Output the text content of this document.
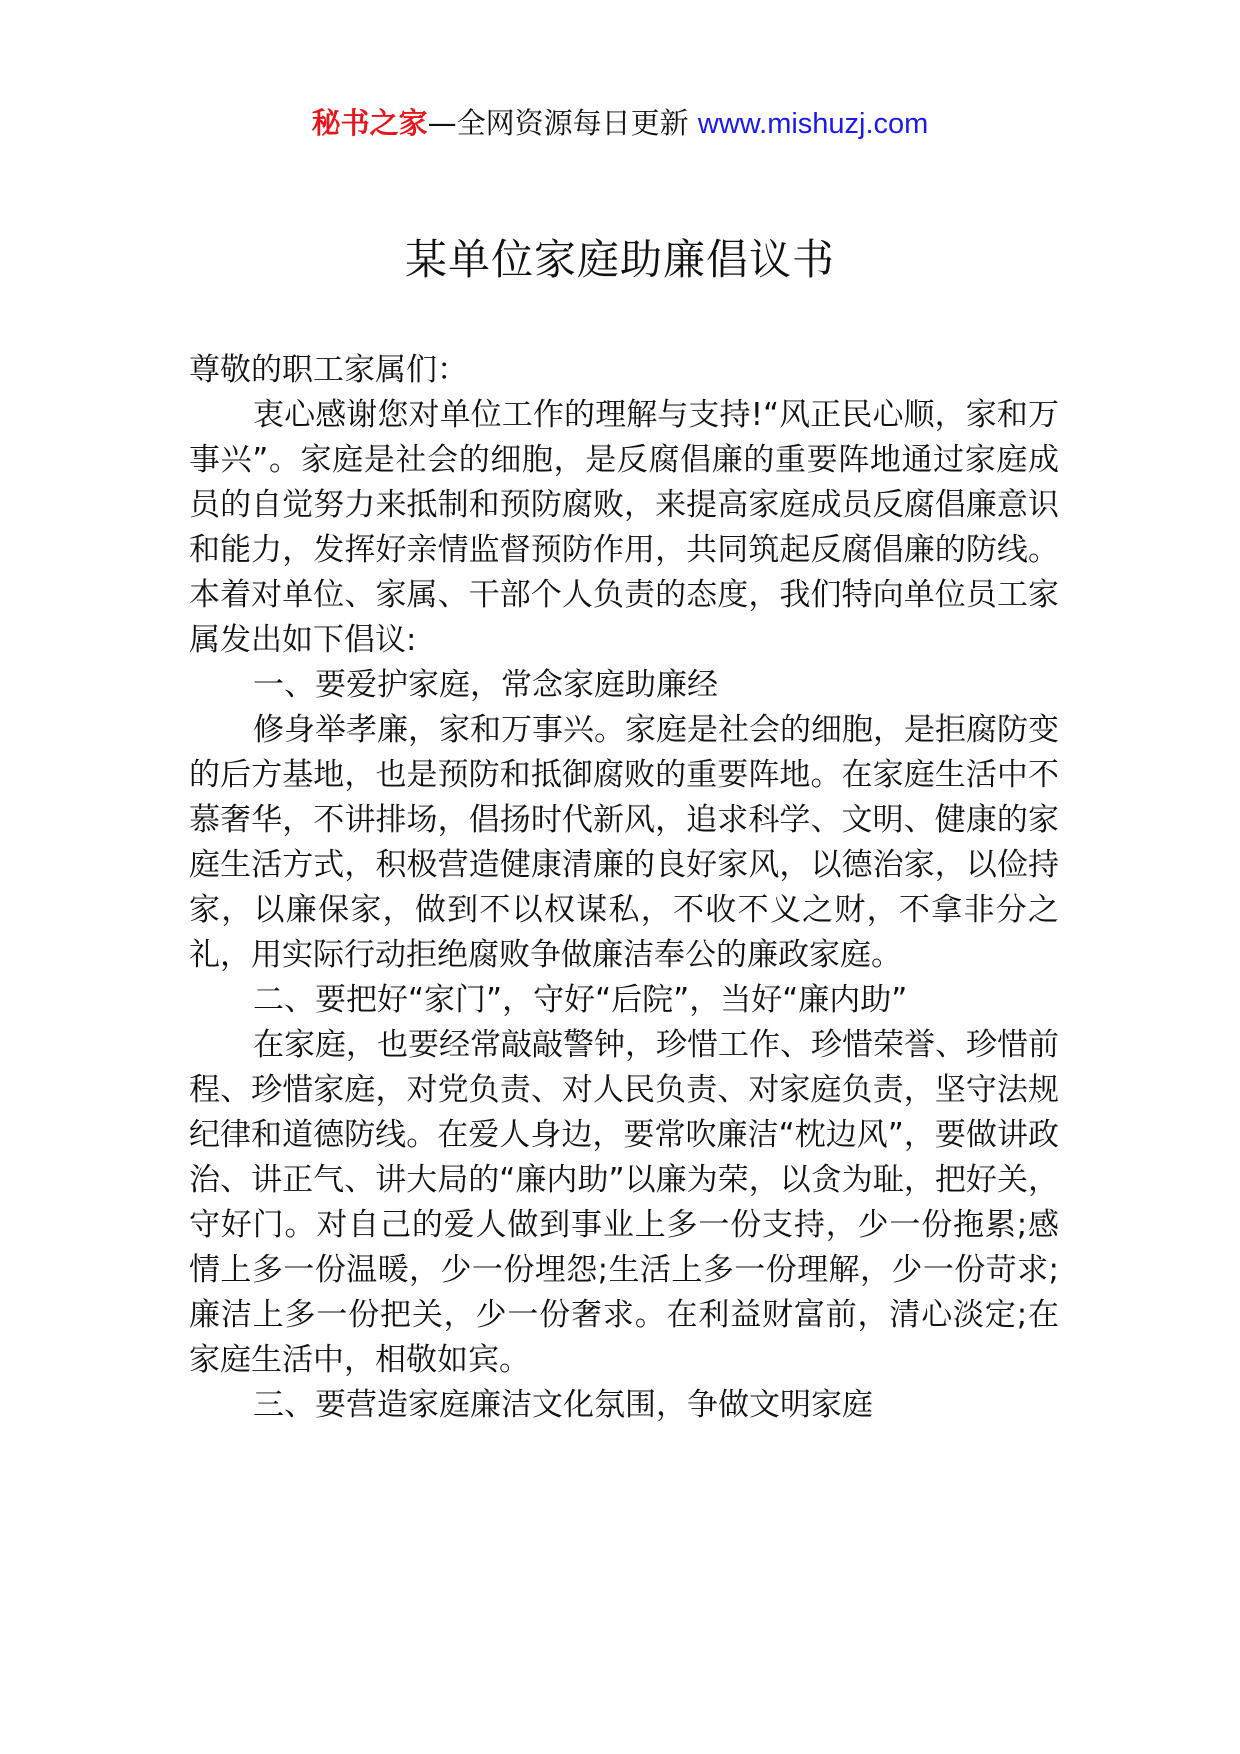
秘书之家—全网资源每日更新 www.mishuzj.com
某单位家庭助廉倡议书

尊敬的职工家属们：

衷心感谢您对单位工作的理解与支持!“风正民心顺，家和万事兴”。家庭是社会的细胞，是反腐倡廉的重要阵地通过家庭成员的自觉努力来抵制和预防腐败，来提高家庭成员反腐倡廉意识和能力，发挥好亲情监督预防作用，共同筑起反腐倡廉的防线。本着对单位、家属、干部个人负责的态度，我们特向单位员工家属发出如下倡议:

一、要爱护家庭，常念家庭助廉经

修身举孝廉，家和万事兴。家庭是社会的细胞，是拒腐防变的后方基地，也是预防和抵御腐败的重要阵地。在家庭生活中不慕奢华，不讲排场，倡扬时代新风，追求科学、文明、健康的家庭生活方式，积极营造健康清廉的良好家风，以德治家，以俭持家，以廉保家，做到不以权谋私，不收不义之财，不拿非分之礼，用实际行动拒绝腐败争做廉洁奉公的廉政家庭。

二、要把好“家门”，守好“后院”，当好“廉内助”

在家庭，也要经常敲敲警钟，珍惜工作、珍惜荣誉、珍惜前程、珍惜家庭，对党负责、对人民负责、对家庭负责，坚守法规纪律和道德防线。在爱人身边，要常吹廉洁“枕边风”，要做讲政治、讲正气、讲大局的“廉内助”以廉为荣，以贪为耻，把好关，守好门。对自己的爱人做到事业上多一份支持，少一份拖累;感情上多一份温暖，少一份埋怨;生活上多一份理解，少一份苛求;廉洁上多一份把关，少一份奢求。在利益财富前，清心淡定;在家庭生活中，相敬如宾。

三、要营造家庭廉洁文化氛围，争做文明家庭
